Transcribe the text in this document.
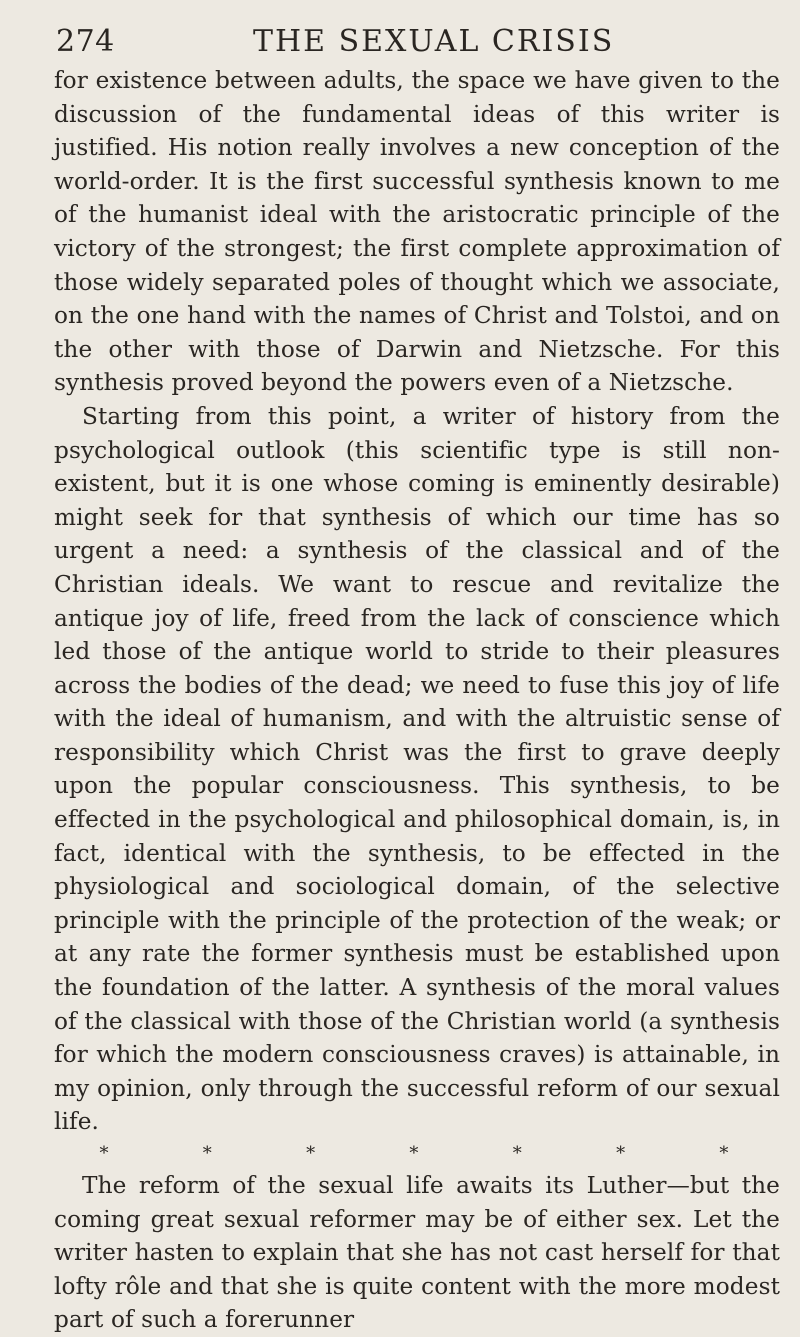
274	THE SEXUAL CRISIS

for existence between adults, the space we have given to the discussion of the fundamental ideas of this writer is justified. His notion really involves a new conception of the world-order. It is the first successful synthesis known to me of the humanist ideal with the aristocratic principle of the victory of the strongest; the first complete approximation of those widely separated poles of thought which we associate, on the one hand with the names of Christ and Tolstoi, and on the other with those of Darwin and Nietzsche. For this synthesis proved beyond the powers even of a Nietzsche.

Starting from this point, a writer of history from the psychological outlook (this scientific type is still non-existent, but it is one whose coming is eminently desirable) might seek for that synthesis of which our time has so urgent a need: a synthesis of the classical and of the Christian ideals. We want to rescue and revitalize the antique joy of life, freed from the lack of conscience which led those of the antique world to stride to their pleasures across the bodies of the dead; we need to fuse this joy of life with the ideal of humanism, and with the altruistic sense of responsibility which Christ was the first to grave deeply upon the popular consciousness. This synthesis, to be effected in the psychological and philosophical domain, is, in fact, identical with the synthesis, to be effected in the physiological and sociological domain, of the selective principle with the principle of the protection of the weak; or at any rate the former synthesis must be established upon the foundation of the latter. A synthesis of the moral values of the classical with those of the Christian world (a synthesis for which the modern consciousness craves) is attainable, in my opinion, only through the successful reform of our sexual life.

*	*	*	*	*	*	*

The reform of the sexual life awaits its Luther—but the coming great sexual reformer may be of either sex. Let the writer hasten to explain that she has not cast herself for that lofty rôle and that she is quite content with the more modest part of such a forerunner
